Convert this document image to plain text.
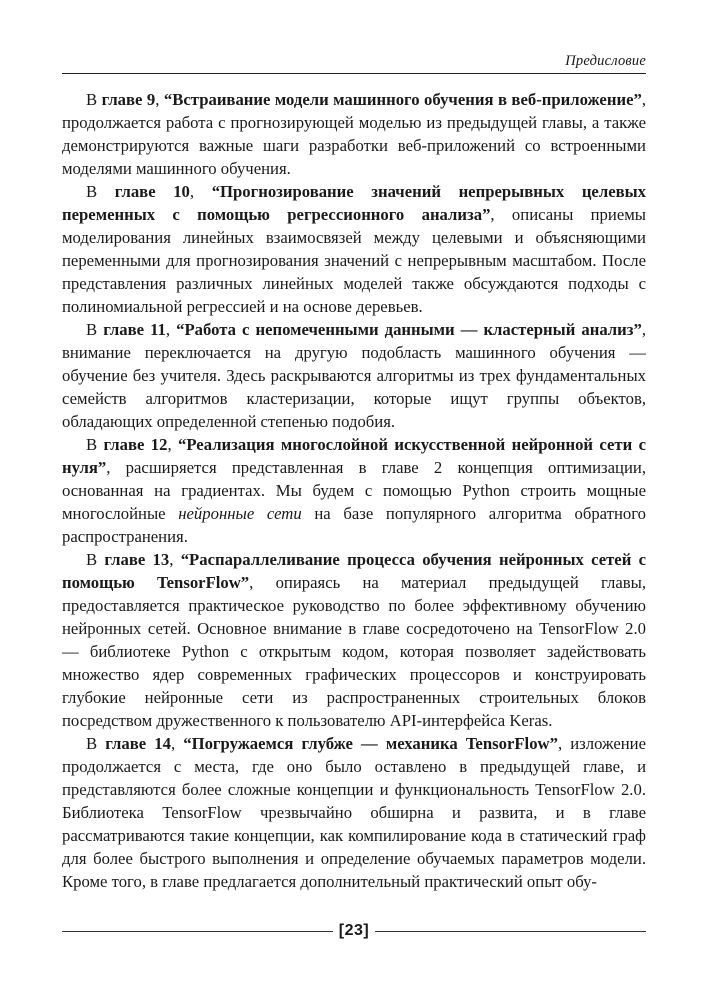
Предисловие

В главе 9, “Встраивание модели машинного обучения в веб-приложение”, продолжается работа с прогнозирующей моделью из предыдущей главы, а также демонстрируются важные шаги разработки веб-приложений со встроенными моделями машинного обучения.

В главе 10, “Прогнозирование значений непрерывных целевых переменных с помощью регрессионного анализа”, описаны приемы моделирования линейных взаимосвязей между целевыми и объясняющими переменными для прогнозирования значений с непрерывным масштабом. После представления различных линейных моделей также обсуждаются подходы с полиномиальной регрессией и на основе деревьев.

В главе 11, “Работа с непомеченными данными — кластерный анализ”, внимание переключается на другую подобласть машинного обучения — обучение без учителя. Здесь раскрываются алгоритмы из трех фундаментальных семейств алгоритмов кластеризации, которые ищут группы объектов, обладающих определенной степенью подобия.

В главе 12, “Реализация многослойной искусственной нейронной сети с нуля”, расширяется представленная в главе 2 концепция оптимизации, основанная на градиентах. Мы будем с помощью Python строить мощные многослойные нейронные сети на базе популярного алгоритма обратного распространения.

В главе 13, “Распараллеливание процесса обучения нейронных сетей с помощью TensorFlow”, опираясь на материал предыдущей главы, предоставляется практическое руководство по более эффективному обучению нейронных сетей. Основное внимание в главе сосредоточено на TensorFlow 2.0 — библиотеке Python с открытым кодом, которая позволяет задействовать множество ядер современных графических процессоров и конструировать глубокие нейронные сети из распространенных строительных блоков посредством дружественного к пользователю API-интерфейса Keras.

В главе 14, “Погружаемся глубже — механика TensorFlow”, изложение продолжается с места, где оно было оставлено в предыдущей главе, и представляются более сложные концепции и функциональность TensorFlow 2.0. Библиотека TensorFlow чрезвычайно обширна и развита, и в главе рассматриваются такие концепции, как компилирование кода в статический граф для более быстрого выполнения и определение обучаемых параметров модели. Кроме того, в главе предлагается дополнительный практический опыт обу-

[23]
